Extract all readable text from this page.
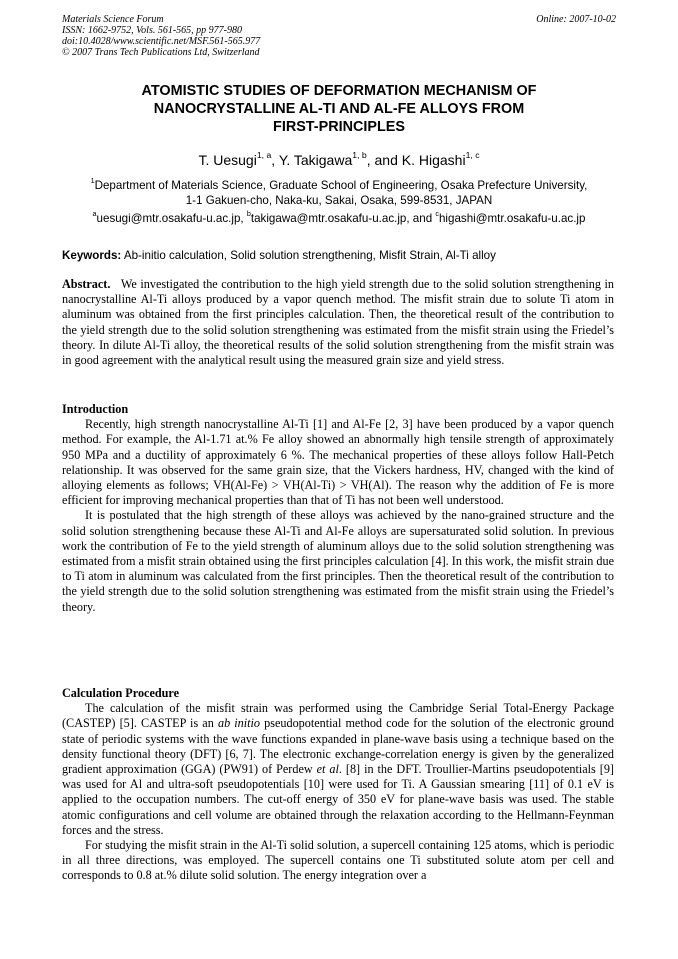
Materials Science Forum
ISSN: 1662-9752, Vols. 561-565, pp 977-980
doi:10.4028/www.scientific.net/MSF.561-565.977
© 2007 Trans Tech Publications Ltd, Switzerland
Online: 2007-10-02
ATOMISTIC STUDIES OF DEFORMATION MECHANISM OF
NANOCRYSTALLINE AL-TI AND AL-FE ALLOYS FROM
FIRST-PRINCIPLES
T. Uesugi$^{1, a}$, Y. Takigawa$^{1, b}$, and K. Higashi$^{1, c}$
$^1$Department of Materials Science, Graduate School of Engineering, Osaka Prefecture University,
1-1 Gakuen-cho, Naka-ku, Sakai, Osaka, 599-8531, JAPAN
$^a$uesugi@mtr.osakafu-u.ac.jp, $^b$takigawa@mtr.osakafu-u.ac.jp, and $^c$higashi@mtr.osakafu-u.ac.jp
Keywords: Ab-initio calculation, Solid solution strengthening, Misfit Strain, Al-Ti alloy

Abstract. We investigated the contribution to the high yield strength due to the solid solution strengthening in nanocrystalline Al-Ti alloys produced by a vapor quench method. The misfit strain due to solute Ti atom in aluminum was obtained from the first principles calculation. Then, the theoretical result of the contribution to the yield strength due to the solid solution strengthening was estimated from the misfit strain using the Friedel’s theory. In dilute Al-Ti alloy, the theoretical results of the solid solution strengthening from the misfit strain was in good agreement with the analytical result using the measured grain size and yield stress.

Introduction

Recently, high strength nanocrystalline Al-Ti [1] and Al-Fe [2, 3] have been produced by a vapor quench method. For example, the Al-1.71 at.% Fe alloy showed an abnormally high tensile strength of approximately 950 MPa and a ductility of approximately 6 %. The mechanical properties of these alloys follow Hall-Petch relationship. It was observed for the same grain size, that the Vickers hardness, HV, changed with the kind of alloying elements as follows; VH(Al-Fe) > VH(Al-Ti) > VH(Al). The reason why the addition of Fe is more efficient for improving mechanical properties than that of Ti has not been well understood.

It is postulated that the high strength of these alloys was achieved by the nano-grained structure and the solid solution strengthening because these Al-Ti and Al-Fe alloys are supersaturated solid solution. In previous work the contribution of Fe to the yield strength of aluminum alloys due to the solid solution strengthening was estimated from a misfit strain obtained using the first principles calculation [4]. In this work, the misfit strain due to Ti atom in aluminum was calculated from the first principles. Then the theoretical result of the contribution to the yield strength due to the solid solution strengthening was estimated from the misfit strain using the Friedel’s theory.

Calculation Procedure

The calculation of the misfit strain was performed using the Cambridge Serial Total-Energy Package (CASTEP) [5]. CASTEP is an ab initio pseudopotential method code for the solution of the electronic ground state of periodic systems with the wave functions expanded in plane-wave basis using a technique based on the density functional theory (DFT) [6, 7]. The electronic exchange-correlation energy is given by the generalized gradient approximation (GGA) (PW91) of Perdew et al. [8] in the DFT. Troullier-Martins pseudopotentials [9] was used for Al and ultra-soft pseudopotentials [10] were used for Ti. A Gaussian smearing [11] of 0.1 eV is applied to the occupation numbers. The cut-off energy of 350 eV for plane-wave basis was used. The stable atomic configurations and cell volume are obtained through the relaxation according to the Hellmann-Feynman forces and the stress.

For studying the misfit strain in the Al-Ti solid solution, a supercell containing 125 atoms, which is periodic in all three directions, was employed. The supercell contains one Ti substituted solute atom per cell and corresponds to 0.8 at.% dilute solid solution. The energy integration over a
